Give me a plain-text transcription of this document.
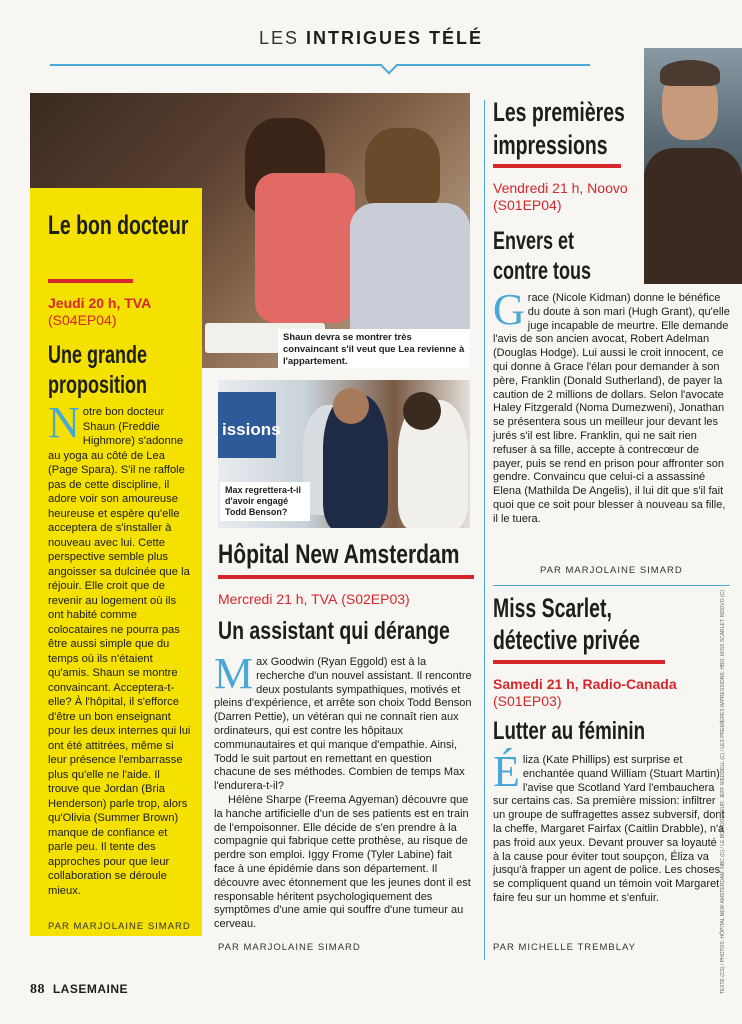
LES INTRIGUES TÉLÉ
Shaun devra se montrer très convaincant s'il veut que Lea revienne à l'appartement.
issions
Max regrettera-t-il d'avoir engagé Todd Benson?
Le bon docteur
Jeudi 20 h, TVA
(S04EP04)
Une grande proposition
Notre bon docteur Shaun (Freddie Highmore) s'adonne au yoga au côté de Lea (Page Spara). S'il ne raffole pas de cette discipline, il adore voir son amoureuse heureuse et espère qu'elle acceptera de s'installer à nouveau avec lui. Cette perspective semble plus angoisser sa dulcinée que la réjouir. Elle croit que de revenir au logement où ils ont habité comme colocataires ne pourra pas être aussi simple que du temps où ils n'étaient qu'amis. Shaun se montre convaincant. Acceptera-t-elle? À l'hôpital, il s'efforce d'être un bon enseignant pour les deux internes qui lui ont été attitrées, même si leur présence l'embarrasse plus qu'elle ne l'aide. Il trouve que Jordan (Bria Henderson) parle trop, alors qu'Olivia (Summer Brown) manque de confiance et parle peu. Il tente des approches pour que leur collaboration se déroule mieux.
PAR MARJOLAINE SIMARD
Hôpital New Amsterdam
Mercredi 21 h, TVA (S02EP03)
Un assistant qui dérange
Max Goodwin (Ryan Eggold) est à la recherche d'un nouvel assistant. Il rencontre deux postulants sympathiques, motivés et pleins d'expérience, et arrête son choix Todd Benson (Darren Pettie), un vétéran qui ne connaît rien aux ordinateurs, qui est contre les hôpitaux communautaires et qui manque d'empathie. Ainsi, Todd le suit partout en remettant en question chacune de ses méthodes. Combien de temps Max l'endurera-t-il?
Hélène Sharpe (Freema Agyeman) découvre que la hanche artificielle d'un de ses patients est en train de l'empoisonner. Elle décide de s'en prendre à la compagnie qui fabrique cette prothèse, au risque de perdre son emploi. Iggy Frome (Tyler Labine) fait face à une épidémie dans son département. Il découvre avec étonnement que les jeunes dont il est responsable héritent psychologiquement des symptômes d'une amie qui souffre d'une tumeur au cerveau.
PAR MARJOLAINE SIMARD
Les premières impressions
Vendredi 21 h, Noovo (S01EP04)
Envers et contre tous
Grace (Nicole Kidman) donne le bénéfice du doute à son mari (Hugh Grant), qu'elle juge incapable de meurtre. Elle demande l'avis de son ancien avocat, Robert Adelman (Douglas Hodge). Lui aussi le croit innocent, ce qui donne à Grace l'élan pour demander à son père, Franklin (Donald Sutherland), de payer la caution de 2 millions de dollars. Selon l'avocate Haley Fitzgerald (Noma Dumezweni), Jonathan se présentera sous un meilleur jour devant les jurés s'il est libre. Franklin, qui ne sait rien refuser à sa fille, accepte à contrecœur de payer, puis se rend en prison pour affronter son gendre. Convaincu que celui-ci a assassiné Elena (Mathilda De Angelis), il lui dit que s'il fait quoi que ce soit pour blesser à nouveau sa fille, il le tuera.
PAR MARJOLAINE SIMARD
Miss Scarlet, détective privée
Samedi 21 h, Radio-Canada
(S01EP03)
Lutter au féminin
Éliza (Kate Phillips) est surprise et enchantée quand William (Stuart Martin) l'avise que Scotland Yard l'embauchera sur certains cas. Sa première mission: infiltrer un groupe de suffragettes assez subversif, dont la cheffe, Margaret Fairfax (Caitlin Drabble), n'a pas froid aux yeux. Devant prouver sa loyauté à la cause pour éviter tout soupçon, Éliza va jusqu'à frapper un agent de police. Les choses se compliquent quand un témoin voit Margaret faire feu sur un homme et s'enfuir.
PAR MICHELLE TREMBLAY	TEXTE (CS) / PHOTOS: HÔPITAL NEW AMSTERDAM: NBC (C) / LE BON DOCTEUR: JEFF WEDDELL (C) / LES PREMIÈRES IMPRESSIONS: HBO; MISS SCARLET: NOOVO (C)
88 LASEMAINE
